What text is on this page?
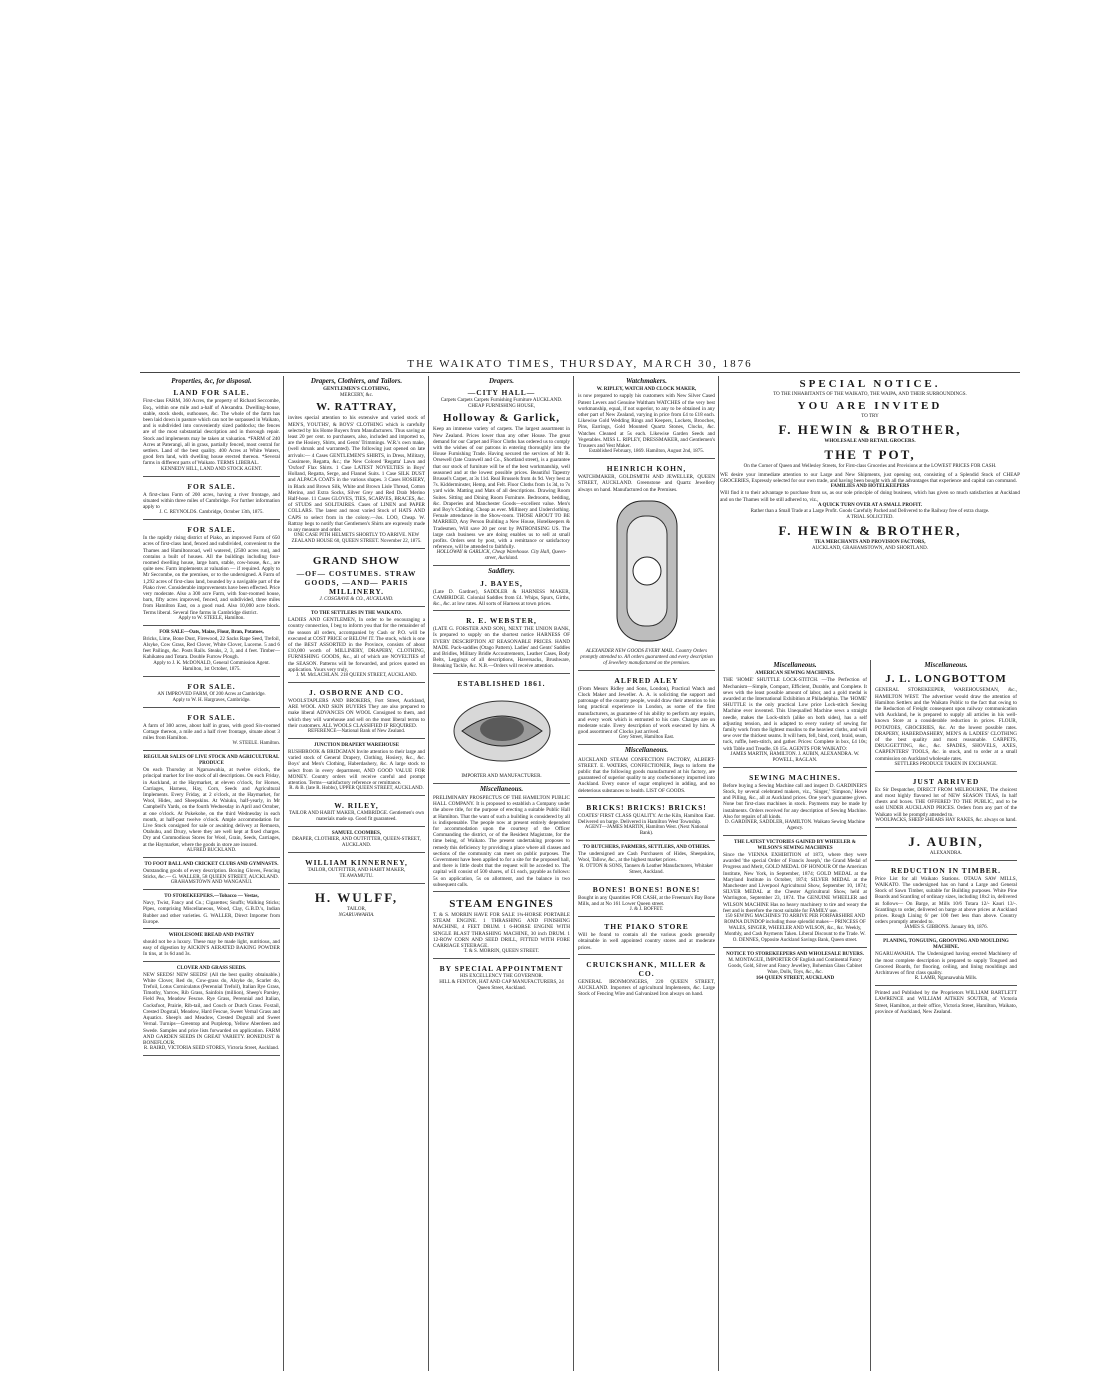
THE WAIKATO TIMES, THURSDAY, MARCH 30, 1876
Properties, &c, for disposal.
LAND FOR SALE.
First-class FARM, 360 Acres, the property of Richard Seccombe, Esq., within one mile and a-half of Alexandra. Dwelling-house, stable, stock sheds, outhouses, &c. The whole of the farm has been laid down in pasture which can not be surpassed in Waikato, and is subdivided into conveniently sized paddocks; the fences are of the most substantial description and in thorough repair. Stock and implements may be taken at valuation. *FARM of 240 Acres at Paterangi, all in grass, partially fenced, most central for settlers. Land of the best quality. 400 Acres at White Waters, good fern land, with dwelling house erected thereon. *Several farms in different parts of Waikato. TERMS LIBERAL.
KENNEDY HILL, LAND AND STOCK AGENT.
FOR SALE.
A first-class Farm of 200 acres, having a river frontage, and situated within three miles of Cambridge. For further information apply to
J. C. REYNOLDS. Cambridge, October 13th, 1875.
FOR SALE.
In the rapidly rising district of Piako, an improved Farm of 650 acres of first-class land, fenced and subdivided, convenient to the Thames and Hamiltonroad, well watered, (2500 acres run), and contains a built of houses. All the buildings including four-roomed dwelling house, large barn, stable, cow-house, &c., are quite new. Farm implements at valuation — if required. Apply to Mr Seccombe, on the premises, or to the undersigned. A Farm of 1,292 acres of first-class land, bounded by a navigable part of the Piako river. Considerable improvements have been effected. Price very moderate. Also a 300 acre Farm, with four-roomed house, barn, fifty acres improved, fenced, and subdivided, three miles from Hamilton East, on a good road. Also 10,000 acre block. Terms liberal. Several fine farms in Cambridge district.
Apply to W. STEELE, Hamilton.
FOR SALE—Oats, Maize, Flour, Bran, Potatoes,
Bricks, Lime, Bone Dust, Firewood, 22 Sacks Rape Seed, Trefoil, Alsyke, Cow Grass, Red Clover, White Clover, Lucerne. 5 and 6 feet Pailings, &c. Posts Rails. Steaks, 2, 3, and 4 feet. Timber—Kahikatea and Totara. Double Furrow Plough.
Apply to J. K. McDONALD, General Commission Agent. Hamilton, 1st October, 1875.
FOR SALE.
AN IMPROVED FARM, Of 200 Acres at Cambridge.
Apply to W. H. Hargraves, Cambridge.
FOR SALE.
A farm of 300 acres, about half in grass, with good Six-roomed Cottage thereon, a mile and a half river frontage, situate about 3 miles from Hamilton.
W. STEELE. Hamilton.
REGULAR SALES OF LIVE STOCK AND AGRICULTURAL PRODUCE
On each Thursday at Ngaruawahia, at twelve o'clock, the principal market for live stock of all descriptions. On each Friday, in Auckland, at the Haymarket, at eleven o'clock, for Horses, Carriages, Harness, Hay, Corn, Seeds and Agricultural Implements. Every Friday, at 2 o'clock, at the Haymarket, for Wool, Hides, and Sheepskins. At Waiuku, half-yearly, in Mr Campbell's Yards, on the fourth Wednesday in April and October, at one o'clock. At Pukekohe, on the third Wednesday in each month, at half-past twelve o'clock. Ample accommodation for Live Stock consigned for sale or awaiting delivery at Remuera, Otahuhu, and Drury, where they are well kept at fixed charges. Dry and Commodious Stores for Wool, Grain, Seeds, Carriages, at the Haymarket, where the goods in store are insured.
ALFRED BUCKLAND.
TO FOOT BALL AND CRICKET CLUBS AND GYMNASTS.
Outstanding goods of every description. Boxing Gloves, Fencing Sticks, &c.— G. WALLER, 58 QUEEN STREET, AUCKLAND.
GRAHAMSTOWN AND WANGANUI.
TO STOREKEEPERS.—Tobacco — Vestas,
Navy, Twist, Fancy and Co.; Cigarettes; Snuffs; Walking Sticks; Pipes, comprising Miscellaneous, Wood, Clay, G.B.D.'s, Indian Rubber and other varieties. G. WALLER, Direct Importer from Europe.
WHOLESOME BREAD AND PASTRY
should not be a luxury. These may be made light, nutritious, and easy of digestion by AICKIN'S AERATED BAKING POWDER In tins, at 1s 6d and 3s.
CLOVER AND GRASS SEEDS.
NEW SEEDS! NEW SEEDS! (All the best quality obtainable.) White Clover, Red do, Cow-grass do, Alsyke do, Scarlet do, Trefoil, Lotus Corniculatus (Perennial Trefoil), Italian Rye Grass, Timothy, Yarrow, Rib Grass, Sainfoin (million), Sheep's Parsley, Field Pea, Meadow Fescue. Rye Grass, Perennial and Italian, Cocksfoot, Prairie, Rib-tail, and Couch or Dutch Grass. Foxtail, Crested Dogstail, Meadow, Hard Fescue, Sweet Vernal Grass and Aquatics. Sheep's and Meadow, Crested Dogstail and Sweet Vernal. Turnips—Greentop and Purpletop, Yellow Aberdeen and Swede. Samples and price lists forwarded on application. FARM AND GARDEN SEEDS IN GREAT VARIETY. BONEDUST & BONEFLOUR.
R. BAIRD, VICTORIA SEED STORES, Victoria Street, Auckland.
Drapers, Clothiers, and Tailors.
GENTLEMEN'S CLOTHING,
MERCERY, &c.
W. RATTRAY,
invites special attention to his extensive and varied stock of MEN'S, YOUTHS', & BOYS' CLOTHING which is carefully selected by his Home Buyers from Manufacturers. Thus saving at least 20 per cent. to purchasers, also, included and imported to, are the Hosiery, Shirts, and Gents' Trimmings. W.R.'s own make, (well shrunk and warranted). The following just opened on late arrivals:— 4 Cases GENTLEMEN'S SHIRTS, in Dress, Military, Cassimere, Regatta, &c.; the New Colored 'Regatta' Lawn and 'Oxford' Flax Shirts. 1 Case LATEST NOVELTIES in Boys' Holland, Regatta, Serge, and Flannel Suits. 1 Case SILK DUST and ALPACA COATS in the various shapes. 3 Cases HOSIERY, in Black and Brown Silk, White and Brown Lisle Thread, Cotton Merino, and Extra Socks, Silver Grey and Red Drab Merino Half-hose. 11 Cases GLOVES, TIES, SCARVES, BRACES, &c. of STUDS and SOLITAIRES. Cases of LINEN and PAPER COLLARS. The latest and most varied Stock of HATS AND CAPS to select from in the colony.—Jos. LOO, Cheap. W. Rattray begs to notify that Gentlemen's Shirts are expressly made to any measure and order.
ONE CASE PITH HELMETS SHORTLY TO ARRIVE. NEW ZEALAND HOUSE 60, QUEEN STREET. November 22, 1875.
GRAND SHOW
—OF— COSTUMES. STRAW GOODS, —AND— PARIS MILLINERY.
J. COSGRAVE & CO., AUCKLAND.
TO THE SETTLERS IN THE WAIKATO.
LADIES AND GENTLEMEN, In order to be encouraging a country connection, I beg to inform you that for the remainder of the season all orders, accompanied by Cash or P.O. will be executed at COST PRICE or BELOW IT. The stock, which is one of the BEST ASSORTED in the Province, consists of about £10,000 worth of MILLINERY, DRAPERY, CLOTHING, FURNISHING GOODS, &c., all of which are NOVELTIES of the SEASON. Patterns will be forwarded, and prices quoted on application. Yours very truly,
J. M. McLACHLAN. 218 QUEEN STREET, AUCKLAND.
J. OSBORNE AND CO.
WOOLSTAPLERS AND BROKERS, Fort Street, Auckland, ARE WOOL AND SKIN BUYERS They are also prepared to make liberal ADVANCES ON WOOL Consigned to them, and which they will warehouse and sell on the most liberal terms to their customers. ALL WOOLS CLASSIFIED IF REQUIRED.
REFERENCE—National Bank of New Zealand.
JUNCTION DRAPERY WAREHOUSE
RUSHBROOK & BRIDGMAN Invite attention to their large and varied stock of General Drapery, Clothing, Hosiery, &c., &c. Boys' and Men's Clothing, Haberdashery, &c. A large stock to select from in every department, AND GOOD VALUE FOR MONEY. Country orders will receive careful and prompt attention. Terms—satisfactory reference or remittance.
R. & B. (late R. Hobbs), UPPER QUEEN STREET, AUCKLAND.
W. RILEY,
TAILOR AND HABIT MAKER, CAMBRIDGE. Gentlemen's own materials made up. Good fit guaranteed.
SAMUEL COOMBES,
DRAPER, CLOTHIER, AND OUTFITTER, QUEEN-STREET, AUCKLAND.
WILLIAM KINNERNEY,
TAILOR, OUTFITTER, AND HABIT MAKER,
TE AWAMUTU.
H. WULFF,
TAILOR,
NGARUAWAHIA.
Drapers.
—CITY HALL—
Carpets Carpets Carpets Furnishing Furniture AUCKLAND. CHEAP FURNISHING HOUSE,
Holloway & Garlick,
Keep an immense variety of carpets. The largest assortment in New Zealand. Prices lower than any other House. The great demand for our Carpet and Floor Cloths has ordered us to comply with the wishes of our patrons in entering thoroughly into the House Furnishing Trade. Having secured the services of Mr R. Orsewell (late Cranwell and Co., Shortland street), is a guarantee that our stock of furniture will be of the best workmanship, well seasoned and at the lowest possible prices. Beautiful Tapestry Brussel's Carpet, at 3s 11d. Real Brussels from 4s 9d. Very best at 7s. Kidderminster, Hemp, and Felt. Floor Cloths from 1s 3d, to 7s yard wide. Matting and Mats of all descriptions. Drawing Room Suites. Sitting and Dining Room Furniture. Bedrooms, bedding, &c. Draperies and Manchester Goods—excellent value. Men's and Boy's Clothing. Cheap as ever. Millinery and Underclothing. Female attendance in the Show-room. THOSE ABOUT TO BE MARRIED, Any Person Building a New House, Hotelkeepers & Tradesmen, Will save 20 per cent by PATRONISING US. The large cash business we are doing enables us to sell at small profits. Orders sent by post, with a remittance or satisfactory reference, will be attended to faithfully.
HOLLOWAY & GARLICK, Cheap Warehouse. City Hall, Queen-street, Auckland.
Saddlery.
J. BAYES,
(Late D. Gardner), SADDLER & HARNESS MAKER, CAMBRIDGE. Colonial Saddles from £4. Whips, Spurs, Girths, &c., &c. at low rates. All sorts of Harness at town prices.
R. E. WEBSTER,
(LATE G. FORSTER AND SON), NEXT THE UNION BANK, Is prepared to supply on the shortest notice HARNESS OF EVERY DESCRIPTION AT REASONABLE PRICES. HAND MADE. Pack-saddles (Otago Pattern). Ladies' and Gents' Saddles and Bridles, Military Bridle Accoutrements, Leather Cases, Body Belts, Leggings of all descriptions, Haversacks, Brushware, Breaking Tackle, &c. N.B.—Orders will receive attention.
ESTABLISHED 1861.
IMPORTER AND MANUFACTURER.
Miscellaneous.
PRELIMINARY PROSPECTUS OF THE HAMILTON PUBLIC HALL COMPANY. It is proposed to establish a Company under the above title, for the purpose of erecting a suitable Public Hall at Hamilton. That the want of such a building is considered by all is indispensable. The people now at present entirely dependent for accommodation upon the courtesy of the Officer Commanding the district, or of the Resident Magistrate, for the time being, of Waikato. The present undertaking proposes to remedy this deficiency by providing a place where all classes and sections of the community can meet on public purposes. The Government have been applied to for a site for the proposed hall, and there is little doubt that the request will be acceded to. The capital will consist of 500 shares, of £1 each, payable as follows: 5s on application, 5s on allotment, and the balance in two subsequent calls.
STEAM ENGINES
T. & S. MORRIN HAVE FOR SALE 1¾-HORSE PORTABLE STEAM ENGINE. 1 THRASHING AND FINISHING MACHINE, 4 FEET DRUM. 1 6-HORSE ENGINE WITH SINGLE BLAST THRASHING MACHINE, 30 inch DRUM. 1 12-ROW CORN AND SEED DRILL, FITTED WITH FORE CARRIAGE STEERAGE.
T. & S. MORRIN, QUEEN STREET.
BY SPECIAL APPOINTMENT
HIS EXCELLENCY THE GOVERNOR.
HILL & FENTON, HAT AND CAP MANUFACTURERS, 24 Queen Street, Auckland.
Watchmakers.
W. RIPLEY, WATCH AND CLOCK MAKER,
is now prepared to supply his customers with New Silver Cased Patent Levers and Genuine Waltham WATCHES of the very best workmanship, equal, if not superior, to any to be obtained in any other part of New Zealand, varying in price from £4 to £18 each. Likewise Gold Wedding Rings and Keepers, Lockets, Brooches, Pins, Earrings, Gold Mounted Quartz Stones, Clocks, &c. Watches Cleaned at 5s each. Likewise Garden Seeds and Vegetables. MISS L. RIPLEY, DRESSMAKER, and Gentlemen's Trousers and Vest Maker.
Established February, 1869. Hamilton, August 2nd, 1875.
HEINRICH KOHN,
WATCHMAKER, GOLDSMITH AND JEWELLER, QUEEN STREET, AUCKLAND. Greenstone and Quartz Jewellery always on hand. Manufactured on the Premises.
ALEXANDER NEW GOODS EVERY MAIL. Country Orders promptly attended to. All orders guaranteed and every description of Jewellery manufactured on the premises.
ALFRED ALEY
(From Messrs Ridley and Sons, London), Practical Watch and Clock Maker and Jeweller. A. A. is soliciting the support and patronage of the country people, would draw their attention to his long practical experience in London, as some of the first manufacturers, as guarantee of his ability to perform any repairs, and every work which is entrusted to his care. Charges are on moderate scale. Every description of work executed by him. A good assortment of Clocks just arrived.
Grey Street, Hamilton East.
Miscellaneous.
AUCKLAND STEAM CONFECTION FACTORY, ALBERT-STREET. E. WATERS, CONFECTIONER, Begs to inform the public that the following goods manufactured at his factory, are guaranteed of superior quality to any confectionery imported into Auckland. Every ounce of sugar employed in adding, and no deleterious substances to health. LIST OF GOODS.
BRICKS! BRICKS! BRICKS!
COATES' FIRST CLASS QUALITY. At the Kiln, Hamilton East. Delivered on barge. Delivered in Hamilton West Township.
AGENT—JAMES MARTIN, Hamilton West. (Next National Bank).
TO BUTCHERS, FARMERS, SETTLERS, AND OTHERS.
The undersigned are Cash Purchasers of Hides, Sheepskins, Wool, Tallow, &c., at the highest market prices.
R. OTTON & SONS, Tanners & Leather Manufacturers, Whitaker Street, Auckland.
BONES! BONES! BONES!
Bought in any Quantities FOR CASH, at the Freeman's Bay Bone Mills, and at No 161 Lower Queen street.
J. & J. BOFFET.
THE PIAKO STORE
Will be found to contain all the various goods generally obtainable in well appointed country stores and at moderate prices.
CRUICKSHANK, MILLER & CO.
GENERAL IRONMONGERS, 220 QUEEN STREET, AUCKLAND. Importers of agricultural Implements, &c. Large Stock of Fencing Wire and Galvanized Iron always on hand.
SPECIAL NOTICE.
TO THE INHABITANTS OF THE WAIKATO, THE WAIPA, AND THEIR SURROUNDINGS.
YOU ARE INVITED
TO TRY
F. HEWIN & BROTHER,
WHOLESALE AND RETAIL GROCERS.
THE T POT,
On the Corner of Queen and Wellesley Streets, for First-class Groceries and Provisions at the LOWEST PRICES FOR CASH.
WE desire your immediate attention to our Large and New Shipments, just opening out, consisting of a Splendid Stock of CHEAP GROCERIES, Expressly selected for our own trade, and having been bought with all the advantages that experience and capital can command.
FAMILIES AND HOTELKEEPERS
Will find it to their advantage to purchase from us, as our sole principle of doing business, which has given so much satisfaction at Auckland and on the Thames will be still adhered to, viz.,
A QUICK TURN OVER AT A SMALL PROFIT.
Rather than a Small Trade at a Large Profit. Goods Carefully Packed and Delivered to the Railway free of extra charge.
A TRIAL SOLICITED.
F. HEWIN & BROTHER,
TEA MERCHANTS AND PROVISION FACTORS,
AUCKLAND, GRAHAMSTOWN, AND SHORTLAND.
Miscellaneous.
AMERICAN SEWING MACHINES.
THE 'HOME' SHUTTLE LOCK-STITCH. —The Perfection of Mechanism—Simple, Compact, Efficient, Durable, and Complete. It sews with the least possible amount of labor, and a gold medal is awarded at the International Exhibition at Philadelphia. The 'HOME' SHUTTLE is the only practical Low price Lock-stitch Sewing Machine ever invented. This Unequalled Machine sews a straight needle, makes the Lock-stitch (alike on both sides), has a self adjusting tension, and is adapted to every variety of sewing for family work from the lightest muslins to the heaviest cloths, and will sew over the thickest seams. It will hem, fell, bind, cord, braid, seam, tuck, ruffle, hem-stitch, and gather. Prices: Complete in box, £4 10s; with Table and Treadle, £6 15s. AGENTS FOR WAIKATO:
JAMES MARTIN, HAMILTON. J. AUBIN, ALEXANDRA. W. POWELL, RAGLAN.
SEWING MACHINES.
Before buying a Sewing Machine call and inspect D. GARDINER'S Stock, by several celebrated makers, viz., 'Singer,' 'Simpson,' Howe and Pilling, &c., all at Auckland prices. One year's guarantee given. None but first-class machines in stock. Payments may be made by instalments. Orders received for any description of Sewing Machine. Also for repairs of all kinds.
D. GARDINER, SADDLER, HAMILTON. Waikato Sewing Machine Agency.
THE LATEST VICTORIES GAINED BY WHEELER & WILSON'S SEWING MACHINES
Since the VIENNA EXHIBITION of 1873, where they were awarded 'the special Order of Francis Joseph,' the Grand Medal of Progress and Merit, GOLD MEDAL OF HONOUR Of the American Institute, New York, in September, 1874; GOLD MEDAL at the Maryland Institute in October, 1874; SILVER MEDAL at the Manchester and Liverpool Agricultural Show, September 10, 1874; SILVER MEDAL at the Chester Agricultural Show, held at Warrington, September 23, 1874. The GENUINE WHEELER and WILSON MACHINE Has no heavy machinery to tire and weary the feet and is therefore the most suitable for FAMILY use.
150 SEWING MACHINES TO ARRIVE PER FORFARSHIRE AND ROMNA DUNDOP including those splendid makes— PRINCESS OF WALES, SINGER, WHEELER AND WILSON, &c., &c. Weekly, Monthly, and Cash Payments Taken. Liberal Discount to the Trade. W. O. DENNES, Opposite Auckland Savings Bank, Queen street.
NOTICE TO STOREKEEPERS AND WHOLESALE BUYERS.
M. MONTAGUE, IMPORTER OF English and Continental Fancy Goods, Gold, Silver and Fancy Jewellery, Bohemian Glass Cabinet Ware, Dolls, Toys, &c., &c.
164 QUEEN STREET, AUCKLAND
Miscellaneous.
J. L. LONGBOTTOM
GENERAL STOREKEEPER, WAREHOUSEMAN, &c., HAMILTON WEST. The advertiser would draw the attention of Hamilton Settlers and the Waikato Public to the fact that owing to the Reduction of Freight consequent upon railway communication with Auckland, he is prepared to supply all articles in his well-known Store at a considerable reduction in prices. FLOUR, POTATOES, GROCERIES, &c. At the lowest possible rates. DRAPERY, HABERDASHERY, MEN'S & LADIES' CLOTHING of the best quality and most reasonable. CARPETS, DRUGGETTING, &c., &c. SPADES, SHOVELS, AXES, CARPENTERS' TOOLS, &c. in stock, and to order at a small commission on Auckland wholesale rates.
SETTLERS PRODUCE TAKEN IN EXCHANGE.
JUST ARRIVED
Ex Sir Despatcher, DIRECT FROM MELBOURNE, The choicest and most highly flavored lot of NEW SEASON TEAS, In half chests and boxes. THE OFFERED TO THE PUBLIC, and to be sold UNDER AUCKLAND PRICES. Orders from any part of the Waikato will be promptly attended to.
WOOLPACKS, SHEEP SHEARS HAY RAKES, &c. always on hand.
J. AUBIN,
ALEXANDRA.
REDUCTION IN TIMBER.
Price List for all Waikato Stations. OTAUA SAW MILLS, WAIKATO. The undersigned has on hand a Large and General Stock of Sawn Timber, suitable for Building purposes. White Pine Boards and Scantling of ordinary sizes, including 18x2 in, delivered as follows— On Barge, at Mills 10/6 Totara 12/- Kauri 13/-. Scantlings to order, delivered on barge at above prices at Auckland prices. Rough Lining 6/ per 100 feet less than above. Country orders promptly attended to.
JAMES S. GIBBONS. January 6th, 1876.
PLANING, TONGUING, GROOVING AND MOULDING MACHINE.
NGARUAWAHIA. The Undersigned having erected Machinery of the most complete description is prepared to supply Tongued and Grooved Boards, for flooring, ceiling, and lining mouldings and Architraves of first class quality.
R. LAMB, Ngaruawahia Mills.
Printed and Published by the Proprietors WILLIAM BARTLETT LAWRENCE and WILLIAM AITKEN SOUTER, of Victoria Street, Hamilton, at their office, Victoria Street, Hamilton, Waikato, province of Auckland, New Zealand.
